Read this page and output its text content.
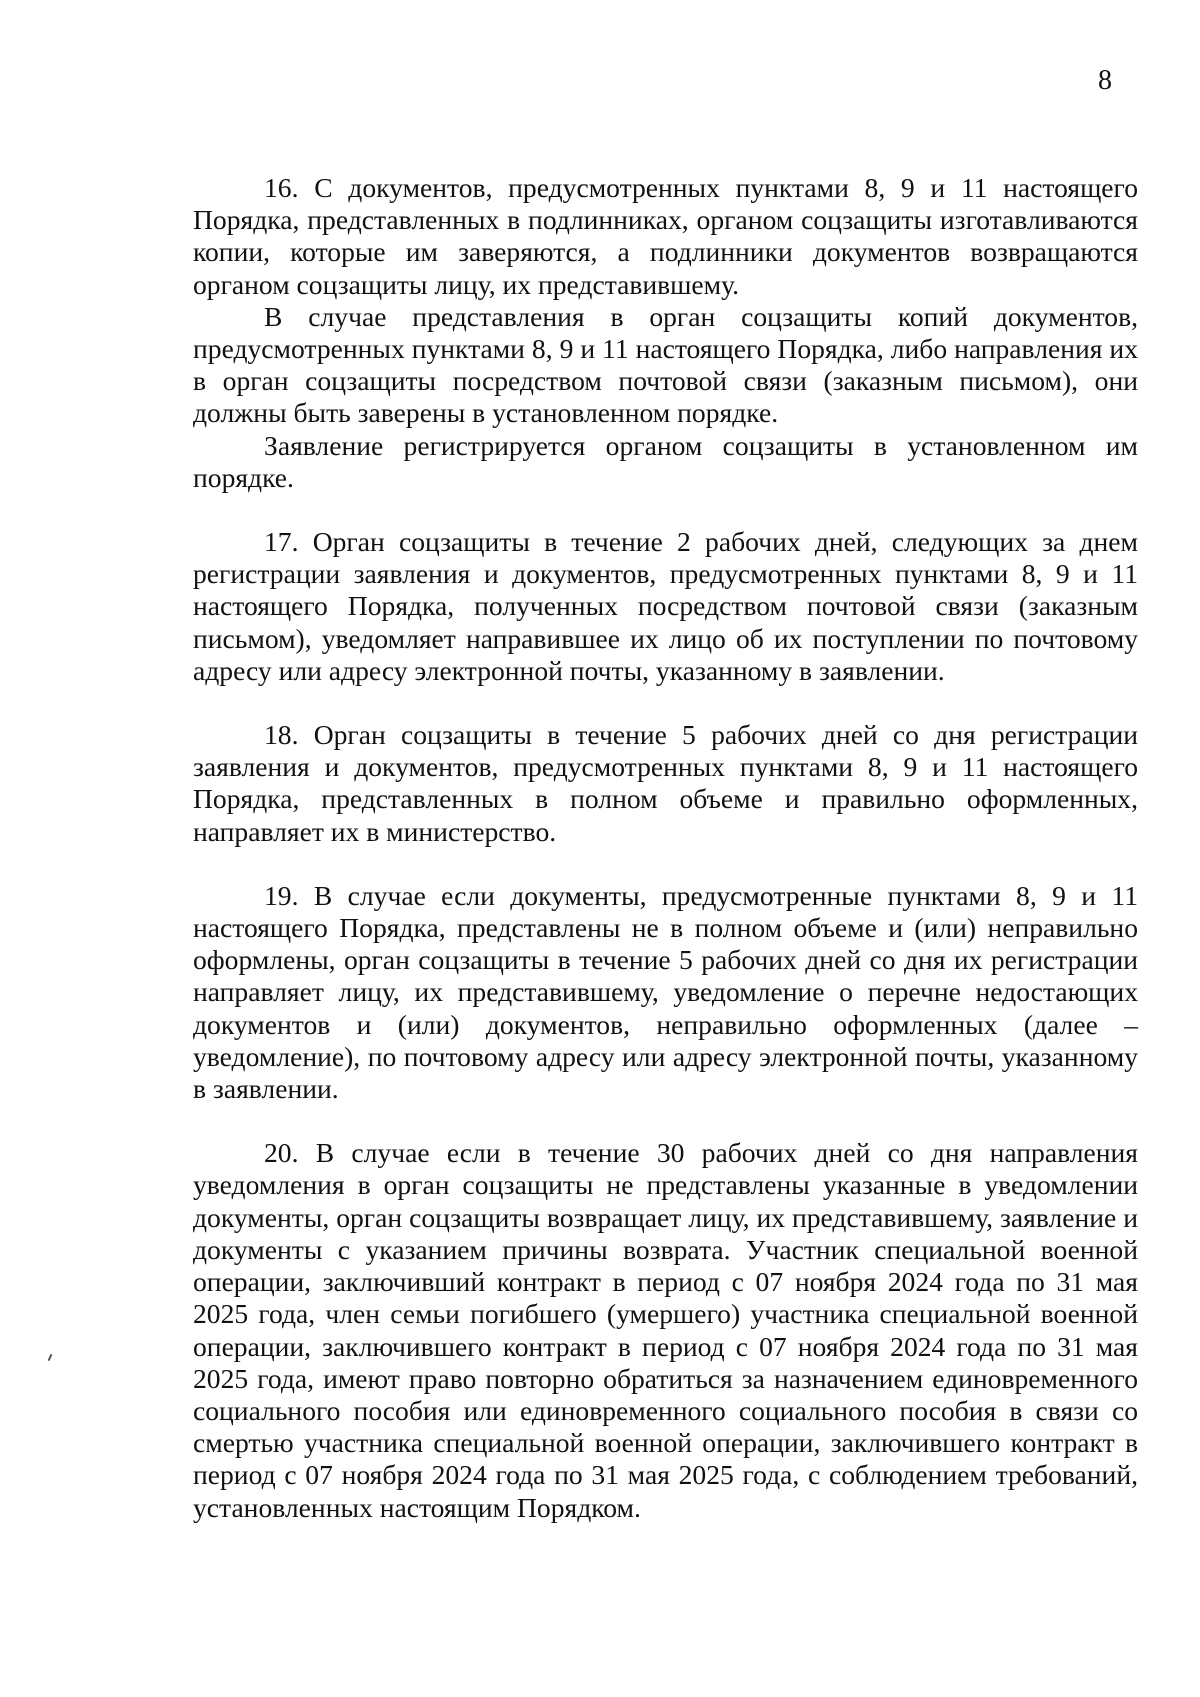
8

16. С документов, предусмотренных пунктами 8, 9 и 11 настоящего Порядка, представленных в подлинниках, органом соцзащиты изготавливаются копии, которые им заверяются, а подлинники документов возвращаются органом соцзащиты лицу, их представившему.

В случае представления в орган соцзащиты копий документов, предусмотренных пунктами 8, 9 и 11 настоящего Порядка, либо направления их в орган соцзащиты посредством почтовой связи (заказным письмом), они должны быть заверены в установленном порядке.

Заявление регистрируется органом соцзащиты в установленном им порядке.

17. Орган соцзащиты в течение 2 рабочих дней, следующих за днем регистрации заявления и документов, предусмотренных пунктами 8, 9 и 11 настоящего Порядка, полученных посредством почтовой связи (заказным письмом), уведомляет направившее их лицо об их поступлении по почтовому адресу или адресу электронной почты, указанному в заявлении.

18. Орган соцзащиты в течение 5 рабочих дней со дня регистрации заявления и документов, предусмотренных пунктами 8, 9 и 11 настоящего Порядка, представленных в полном объеме и правильно оформленных, направляет их в министерство.

19. В случае если документы, предусмотренные пунктами 8, 9 и 11 настоящего Порядка, представлены не в полном объеме и (или) неправильно оформлены, орган соцзащиты в течение 5 рабочих дней со дня их регистрации направляет лицу, их представившему, уведомление о перечне недостающих документов и (или) документов, неправильно оформленных (далее – уведомление), по почтовому адресу или адресу электронной почты, указанному в заявлении.

20. В случае если в течение 30 рабочих дней со дня направления уведомления в орган соцзащиты не представлены указанные в уведомлении документы, орган соцзащиты возвращает лицу, их представившему, заявление и документы с указанием причины возврата. Участник специальной военной операции, заключивший контракт в период с 07 ноября 2024 года по 31 мая 2025 года, член семьи погибшего (умершего) участника специальной военной операции, заключившего контракт в период с 07 ноября 2024 года по 31 мая 2025 года, имеют право повторно обратиться за назначением единовременного социального пособия или единовременного социального пособия в связи со смертью участника специальной военной операции, заключившего контракт в период с 07 ноября 2024 года по 31 мая 2025 года, с соблюдением требований, установленных настоящим Порядком.
